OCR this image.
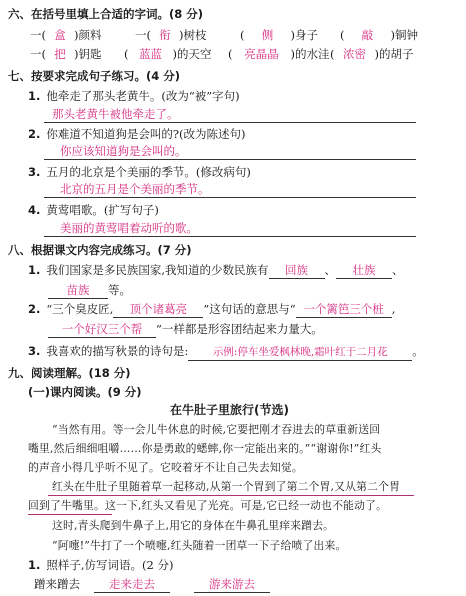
六、在括号里填上合适的字词。(8 分)
一( 盒 )颜料	一( 衔 )树枝	( 侧 )身子 ( 敲 )铜钟
一( 把 )钥匙 ( 蓝蓝 )的天空 ( 亮晶晶 )的水洼 ( 浓密 )的胡子
七、按要求完成句子练习。(4 分)
1. 他牵走了那头老黄牛。(改为“被”字句)
那头老黄牛被他牵走了。
2. 你难道不知道狗是会叫的?(改为陈述句)
你应该知道狗是会叫的。
3. 五月的北京是个美丽的季节。(修改病句)
北京的五月是个美丽的季节。
4. 黄莺唱歌。(扩写句子)
美丽的黄莺唱着动听的歌。
八、根据课文内容完成练习。(7 分)
1. 我们国家是多民族国家,我知道的少数民族有 回族 、 壮族 、
苗族 等。
2. “三个臭皮匠, 顶个诸葛亮 ”这句话的意思与“ 一个篱笆三个桩 ,
一个好汉三个帮 ”一样都是形容团结起来力量大。
3. 我喜欢的描写秋景的诗句是: 示例:停车坐爱枫林晚,霜叶红于二月花 。
九、阅读理解。(18 分)
(一)课内阅读。(9 分)
在牛肚子里旅行(节选)
“当然有用。等一会儿牛休息的时候,它要把刚才吞进去的草重新送回
嘴里,然后细细咀嚼……你是勇敢的蟋蟀,你一定能出来的。”“谢谢你!”红头
的声音小得几乎听不见了。它咬着牙不让自己失去知觉。
红头在牛肚子里随着草一起移动,从第一个胃到了第二个胃,又从第二个胃
回到了牛嘴里。这一下,红头又看见了光亮。可是,它已经一动也不能动了。
这时,青头爬到牛鼻子上,用它的身体在牛鼻孔里痒来蹭去。
“阿嚏!”牛打了一个喷嚏,红头随着一团草一下子给喷了出来。
1. 照样子,仿写词语。(2 分)
蹭来蹭去	走来走去	游来游去
